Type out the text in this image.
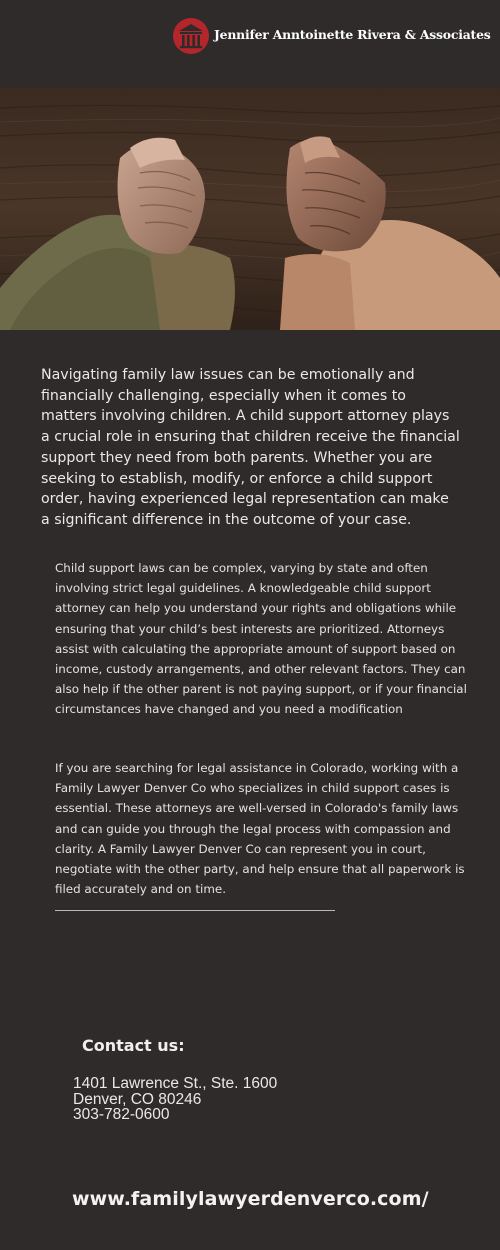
Jennifer Anntoinette Rivera & Associates

Navigating family law issues can be emotionally and financially challenging, especially when it comes to matters involving children. A child support attorney plays a crucial role in ensuring that children receive the financial support they need from both parents. Whether you are seeking to establish, modify, or enforce a child support order, having experienced legal representation can make a significant difference in the outcome of your case.

Child support laws can be complex, varying by state and often involving strict legal guidelines. A knowledgeable child support attorney can help you understand your rights and obligations while ensuring that your child’s best interests are prioritized. Attorneys assist with calculating the appropriate amount of support based on income, custody arrangements, and other relevant factors. They can also help if the other parent is not paying support, or if your financial circumstances have changed and you need a modification

If you are searching for legal assistance in Colorado, working with a Family Lawyer Denver Co who specializes in child support cases is essential. These attorneys are well-versed in Colorado's family laws and can guide you through the legal process with compassion and clarity. A Family Lawyer Denver Co can represent you in court, negotiate with the other party, and help ensure that all paperwork is filed accurately and on time.

Contact us:
1401 Lawrence St., Ste. 1600
Denver, CO 80246
303-782-0600
www.familylawyerdenverco.com/
